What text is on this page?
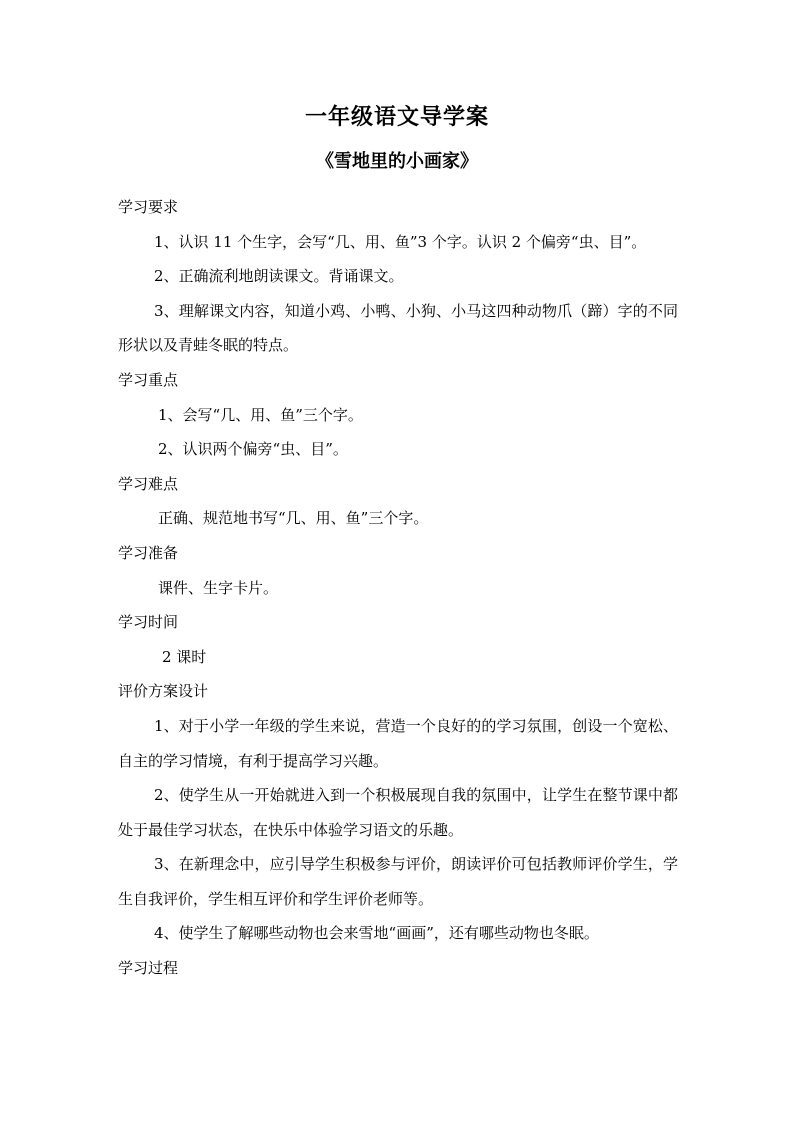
一年级语文导学案
《雪地里的小画家》

学习要求

1、认识 11 个生字，会写“几、用、鱼”3 个字。认识 2 个偏旁“虫、目”。

2、正确流利地朗读课文。背诵课文。

3、理解课文内容，知道小鸡、小鸭、小狗、小马这四种动物爪（蹄）字的不同形状以及青蛙冬眠的特点。

学习重点

1、会写“几、用、鱼”三个字。

2、认识两个偏旁“虫、目”。

学习难点

正确、规范地书写“几、用、鱼”三个字。

学习准备

课件、生字卡片。

学习时间

2 课时

评价方案设计

1、对于小学一年级的学生来说，营造一个良好的的学习氛围，创设一个宽松、自主的学习情境，有利于提高学习兴趣。

2、使学生从一开始就进入到一个积极展现自我的氛围中，让学生在整节课中都处于最佳学习状态，在快乐中体验学习语文的乐趣。

3、在新理念中，应引导学生积极参与评价，朗读评价可包括教师评价学生，学生自我评价，学生相互评价和学生评价老师等。

4、使学生了解哪些动物也会来雪地“画画”，还有哪些动物也冬眠。

学习过程
